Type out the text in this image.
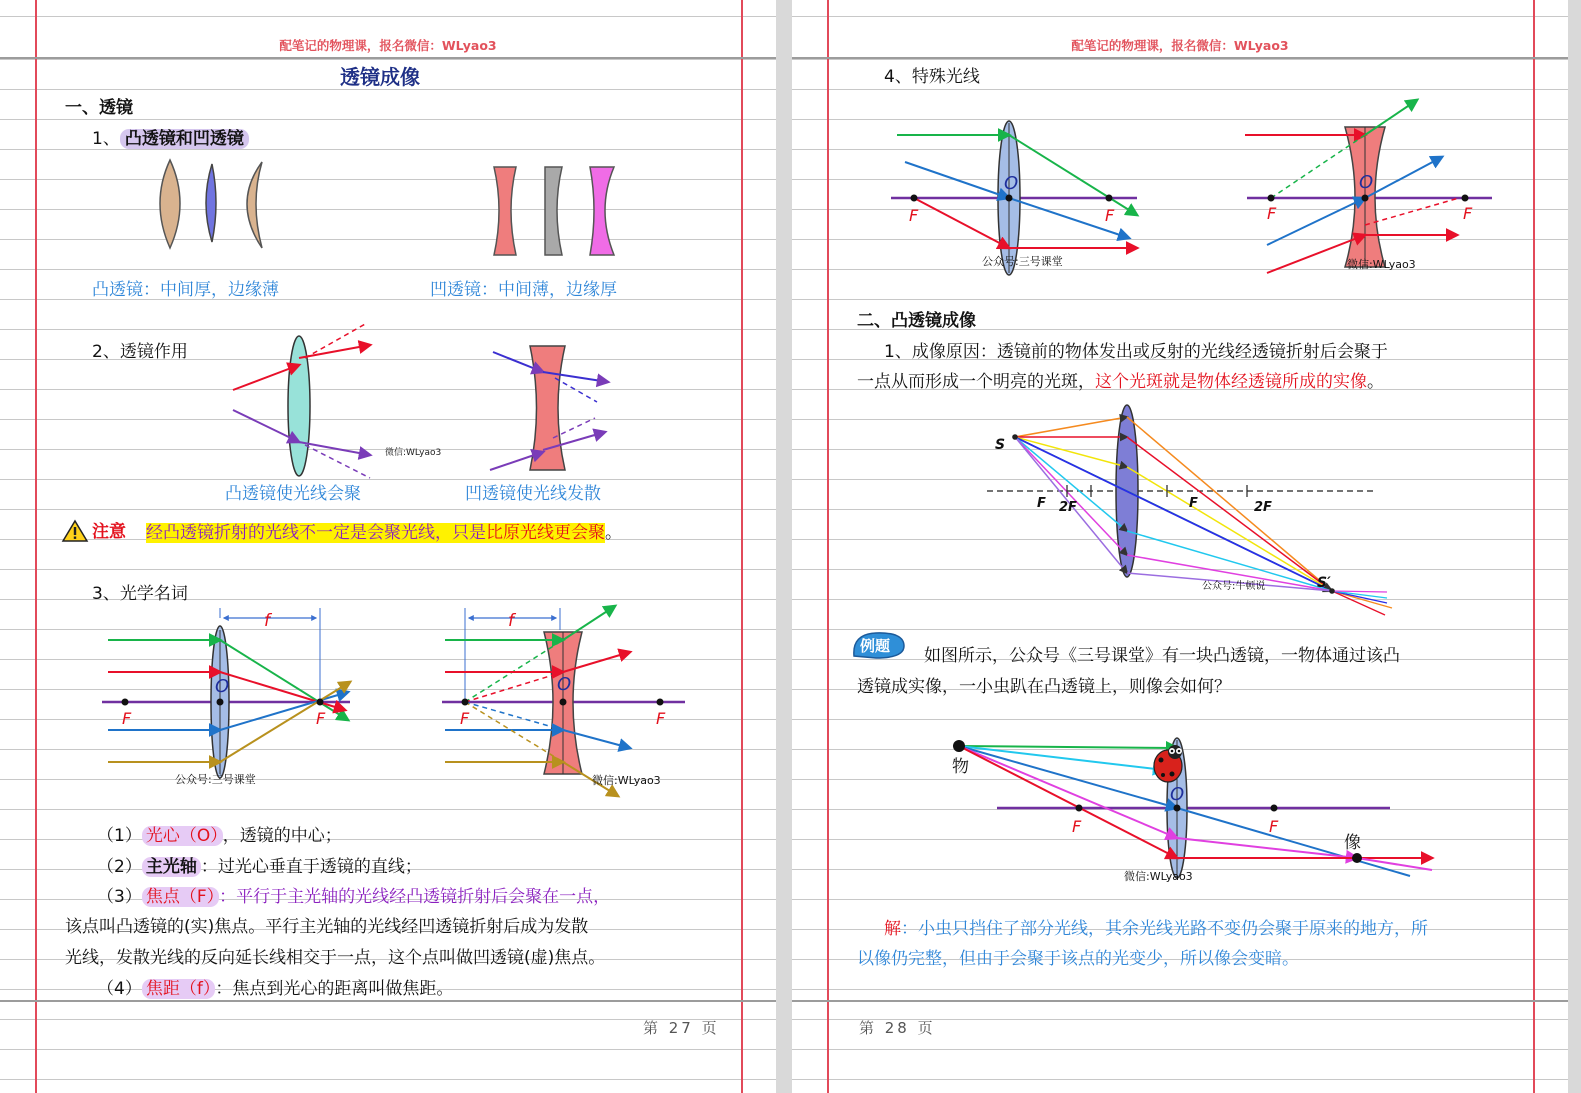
配笔记的物理课，报名微信：WLyao3
透镜成像
一、透镜
1、 凸透镜和凹透镜
凸透镜：中间厚，边缘薄	凹透镜：中间薄，边缘厚
2、透镜作用
微信:WLyao3
凸透镜使光线会聚	凹透镜使光线发散
注意 经凸透镜折射的光线不一定是会聚光线，只是比原光线更会聚。
3、光学名词
f
F
O
F
公众号:三号课堂
f
F
O
F
微信:WLyao3
（1） 光心（O） ，透镜的中心；
（2） 主光轴 ：过光心垂直于透镜的直线；
（3） 焦点（F） ：平行于主光轴的光线经凸透镜折射后会聚在一点，
该点叫凸透镜的(实)焦点。平行主光轴的光线经凹透镜折射后成为发散
光线，发散光线的反向延长线相交于一点，这个点叫做凹透镜(虚)焦点。
（4） 焦距（f） ：焦点到光心的距离叫做焦距。
第 27 页
配笔记的物理课，报名微信：WLyao3
4、特殊光线
F
O
F
公众号:三号课堂
F
O
F
微信:WLyao3
二、凸透镜成像
1、成像原因：透镜前的物体发出或反射的光线经透镜折射后会聚于
一点从而形成一个明亮的光斑，这个光斑就是物体经透镜所成的实像。
S
S′
2F
F	F	2F
公众号:牛顿说
例题 如图所示，公众号《三号课堂》有一块凸透镜，一物体通过该凸
透镜成实像，一小虫趴在凸透镜上，则像会如何？
物
像
F
O
F
微信:WLyao3
解：小虫只挡住了部分光线，其余光线光路不变仍会聚于原来的地方，所
以像仍完整，但由于会聚于该点的光变少，所以像会变暗。
第 28 页
